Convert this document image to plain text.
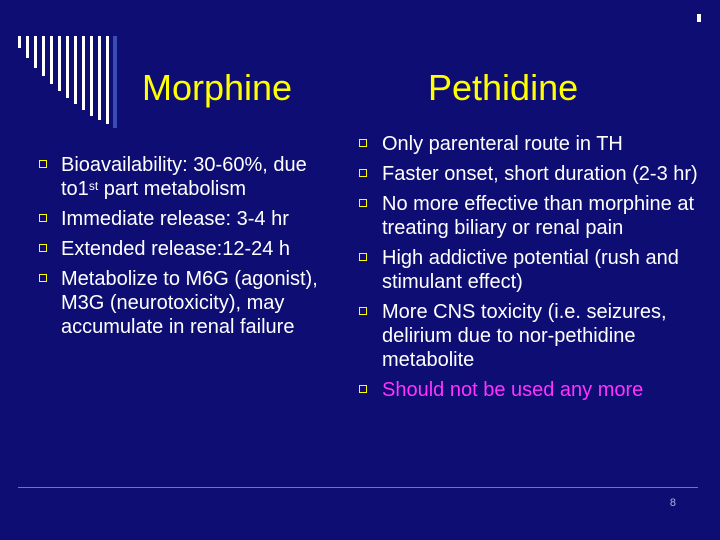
Morphine	Pethidine
Bioavailability: 30-60%, due to1st part metabolism
Immediate release: 3-4 hr
Extended release:12-24 h
Metabolize to M6G (agonist), M3G (neurotoxicity), may accumulate in renal failure
Only parenteral route in TH
Faster onset, short duration (2-3 hr)
No more effective than morphine at treating biliary or renal pain
High addictive potential (rush and stimulant effect)
More CNS toxicity (i.e. seizures, delirium due to nor-pethidine metabolite
Should not be used any more
8
